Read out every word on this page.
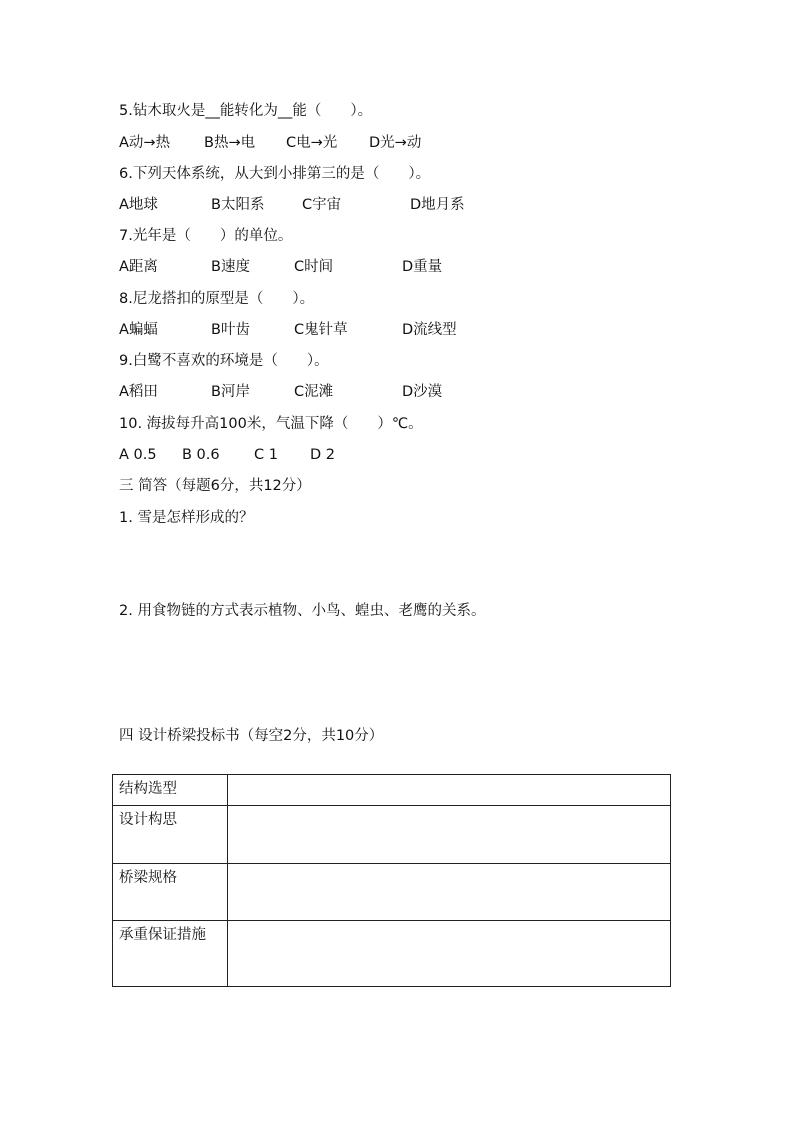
5.钻木取火是__能转化为__能（　　）。

A动→热

B热→电

C电→光

D光→动

6.下列天体系统，从大到小排第三的是（　　）。

A地球

	B太阳系

	C宇宙

	D地月系

7.光年是（　　）的单位。

A距离

	B速度

	C时间

	D重量

8.尼龙搭扣的原型是（　　）。

A蝙蝠

	B叶齿

	C鬼针草

	D流线型

9.白鹭不喜欢的环境是（　　）。

A稻田

	B河岸

	C泥滩

	D沙漠

10. 海拔每升高100米，气温下降（　　）℃。

A 0.5

B 0.6

C 1

D 2

三 简答（每题6分，共12分）
1. 雪是怎样形成的？
2. 用食物链的方式表示植物、小鸟、蝗虫、老鹰的关系。
四 设计桥梁投标书（每空2分，共10分）
结构选型	
设计构思	
桥梁规格	
承重保证措施	
